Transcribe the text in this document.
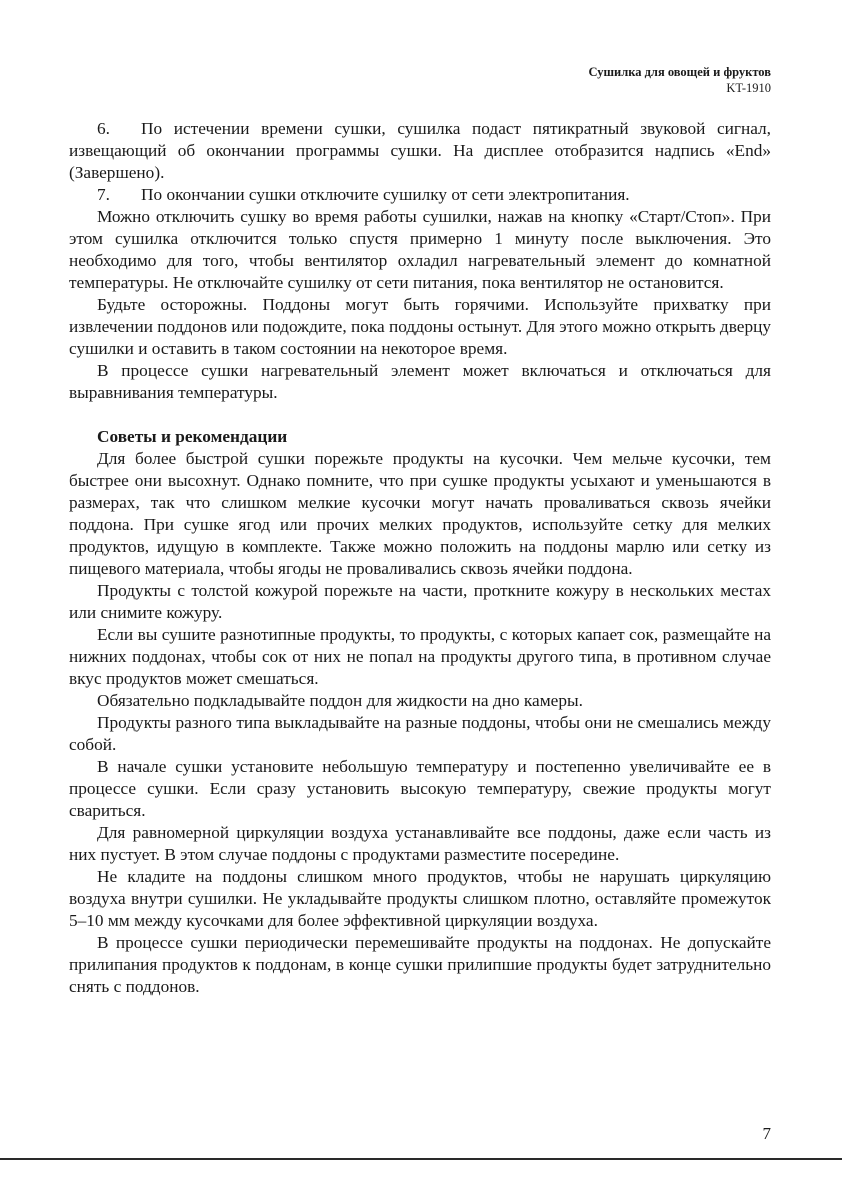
Сушилка для овощей и фруктов
KT-1910
6. По истечении времени сушки, сушилка подаст пятикратный звуковой сигнал, извещающий об окончании программы сушки. На дисплее отобразится надпись «End» (Завершено).
7. По окончании сушки отключите сушилку от сети электропитания.

Можно отключить сушку во время работы сушилки, нажав на кнопку «Старт/Стоп». При этом сушилка отключится только спустя примерно 1 минуту после выключения. Это необходимо для того, чтобы вентилятор охладил нагревательный элемент до комнатной температуры. Не отключайте сушилку от сети питания, пока вентилятор не остановится.

Будьте осторожны. Поддоны могут быть горячими. Используйте прихватку при извлечении поддонов или подождите, пока поддоны остынут. Для этого можно открыть дверцу сушилки и оставить в таком состоянии на некоторое время.

В процессе сушки нагревательный элемент может включаться и отключаться для выравнивания температуры.

Советы и рекомендации

Для более быстрой сушки порежьте продукты на кусочки. Чем мельче кусочки, тем быстрее они высохнут. Однако помните, что при сушке продукты усыхают и уменьшаются в размерах, так что слишком мелкие кусочки могут начать проваливаться сквозь ячейки поддона. При сушке ягод или прочих мелких продуктов, используйте сетку для мелких продуктов, идущую в комплекте. Также можно положить на поддоны марлю или сетку из пищевого материала, чтобы ягоды не проваливались сквозь ячейки поддона.

Продукты с толстой кожурой порежьте на части, проткните кожуру в нескольких местах или снимите кожуру.

Если вы сушите разнотипные продукты, то продукты, с которых капает сок, размещайте на нижних поддонах, чтобы сок от них не попал на продукты другого типа, в противном случае вкус продуктов может смешаться.

Обязательно подкладывайте поддон для жидкости на дно камеры.

Продукты разного типа выкладывайте на разные поддоны, чтобы они не смешались между собой.

В начале сушки установите небольшую температуру и постепенно увеличивайте ее в процессе сушки. Если сразу установить высокую температуру, свежие продукты могут свариться.

Для равномерной циркуляции воздуха устанавливайте все поддоны, даже если часть из них пустует. В этом случае поддоны с продуктами разместите посередине.

Не кладите на поддоны слишком много продуктов, чтобы не нарушать циркуляцию воздуха внутри сушилки. Не укладывайте продукты слишком плотно, оставляйте промежуток 5–10 мм между кусочками для более эффективной циркуляции воздуха.

В процессе сушки периодически перемешивайте продукты на поддонах. Не допускайте прилипания продуктов к поддонам, в конце сушки прилипшие продукты будет затруднительно снять с поддонов.

7
